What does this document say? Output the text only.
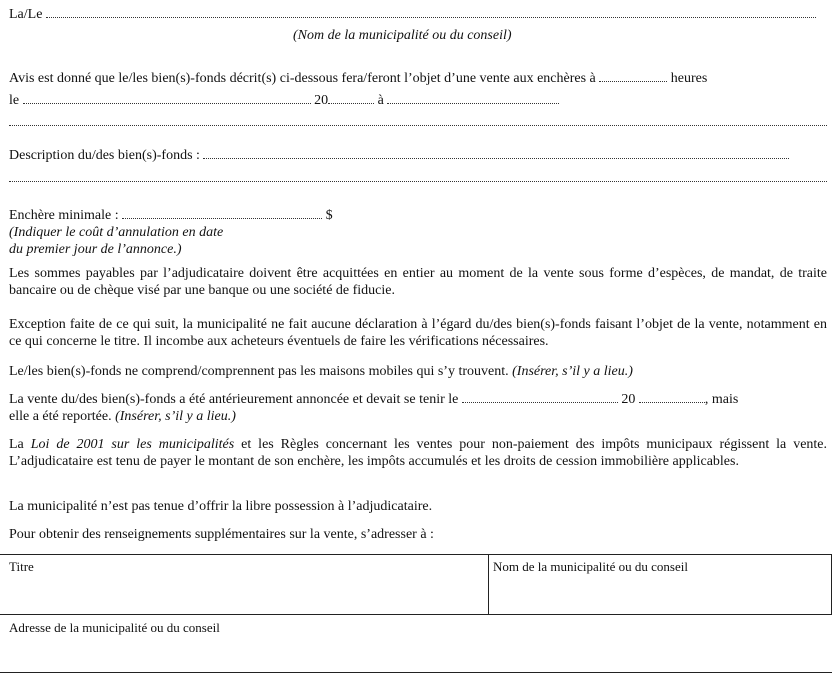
La/Le
(Nom de la municipalité ou du conseil)
Avis est donné que le/les bien(s)-fonds décrit(s) ci-dessous fera/feront l’objet d’une vente aux enchères à	heures
le	20	à
Description du/des bien(s)-fonds :
Enchère minimale :	$
(Indiquer le coût d’annulation en date
du premier jour de l’annonce.)
Les sommes payables par l’adjudicataire doivent être acquittées en entier au moment de la vente sous forme d’espèces, de mandat, de traite bancaire ou de chèque visé par une banque ou une société de fiducie.
Exception faite de ce qui suit, la municipalité ne fait aucune déclaration à l’égard du/des bien(s)-fonds faisant l’objet de la vente, notamment en ce qui concerne le titre. Il incombe aux acheteurs éventuels de faire les vérifications nécessaires.
Le/les bien(s)-fonds ne comprend/comprennent pas les maisons mobiles qui s’y trouvent. (Insérer, s’il y a lieu.)
La vente du/des bien(s)-fonds a été antérieurement annoncée et devait se tenir le	20	, mais
elle a été reportée. (Insérer, s’il y a lieu.)
La Loi de 2001 sur les municipalités et les Règles concernant les ventes pour non-paiement des impôts municipaux régissent la vente. L’adjudicataire est tenu de payer le montant de son enchère, les impôts accumulés et les droits de cession immobilière applicables.
La municipalité n’est pas tenue d’offrir la libre possession à l’adjudicataire.
Pour obtenir des renseignements supplémentaires sur la vente, s’adresser à :
Titre	Nom de la municipalité ou du conseil
Adresse de la municipalité ou du conseil
